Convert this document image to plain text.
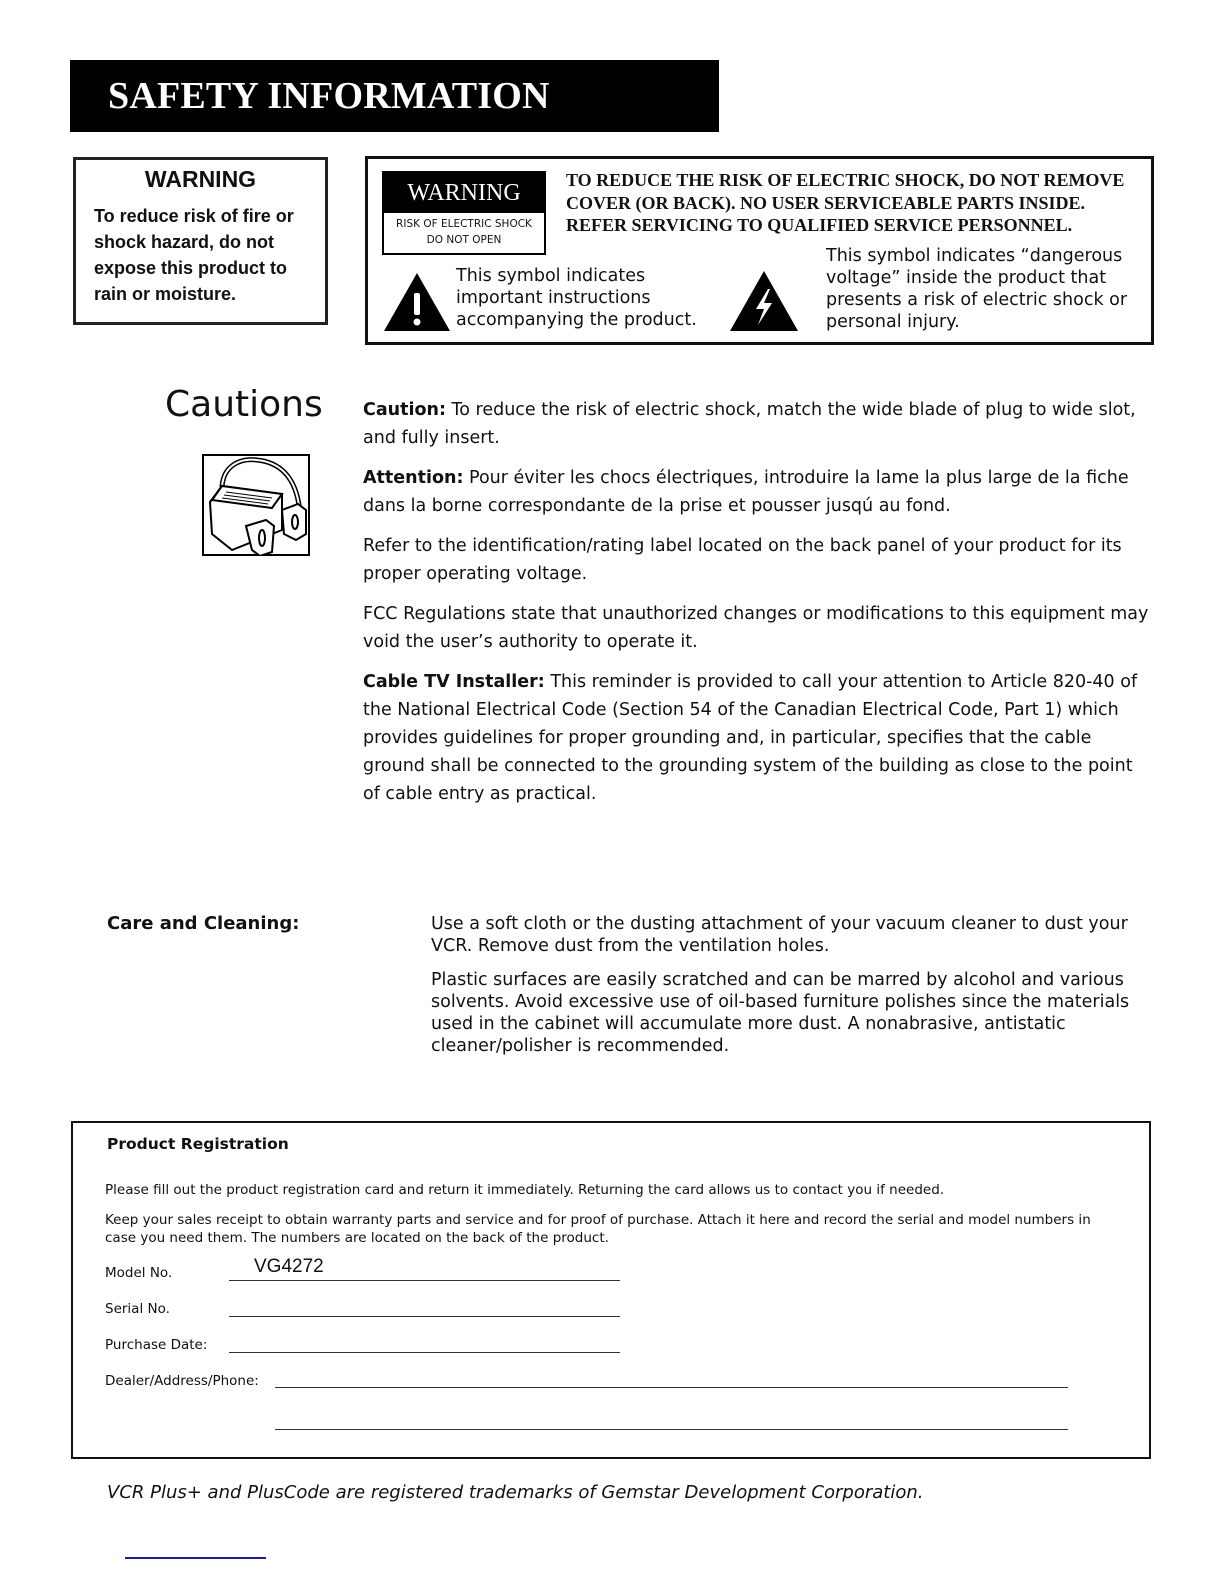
SAFETY INFORMATION
WARNING
To reduce risk of fire or shock hazard, do not expose this product to rain or moisture.
WARNING
RISK OF ELECTRIC SHOCK
DO NOT OPEN
TO REDUCE THE RISK OF ELECTRIC SHOCK, DO NOT REMOVE COVER (OR BACK). NO USER SERVICEABLE PARTS INSIDE. REFER SERVICING TO QUALIFIED SERVICE PERSONNEL.
This symbol indicates
important instructions
accompanying the product.
This symbol indicates “dangerous
voltage” inside the product that
presents a risk of electric shock or
personal injury.
Cautions Caution: To reduce the risk of electric shock, match the wide blade of plug to wide slot, and fully insert.

Attention: Pour éviter les chocs électriques, introduire la lame la plus large de la fiche dans la borne correspondante de la prise et pousser jusqú au fond.

Refer to the identification/rating label located on the back panel of your product for its proper operating voltage.

FCC Regulations state that unauthorized changes or modifications to this equipment may void the user’s authority to operate it.

Cable TV Installer: This reminder is provided to call your attention to Article 820-40 of the National Electrical Code (Section 54 of the Canadian Electrical Code, Part 1) which provides guidelines for proper grounding and, in particular, specifies that the cable ground shall be connected to the grounding system of the building as close to the point of cable entry as practical.

Care and Cleaning:	Use a soft cloth or the dusting attachment of your vacuum cleaner to dust your VCR. Remove dust from the ventilation holes.

Plastic surfaces are easily scratched and can be marred by alcohol and various solvents. Avoid excessive use of oil-based furniture polishes since the materials used in the cabinet will accumulate more dust. A nonabrasive, antistatic cleaner/polisher is recommended.

Product Registration
Please fill out the product registration card and return it immediately. Returning the card allows us to contact you if needed.
Keep your sales receipt to obtain warranty parts and service and for proof of purchase. Attach it here and record the serial and model numbers in case you need them. The numbers are located on the back of the product.
Model No.	VG4272
Serial No.
Purchase Date:
Dealer/Address/Phone:
VCR Plus+ and PlusCode are registered trademarks of Gemstar Development Corporation.
